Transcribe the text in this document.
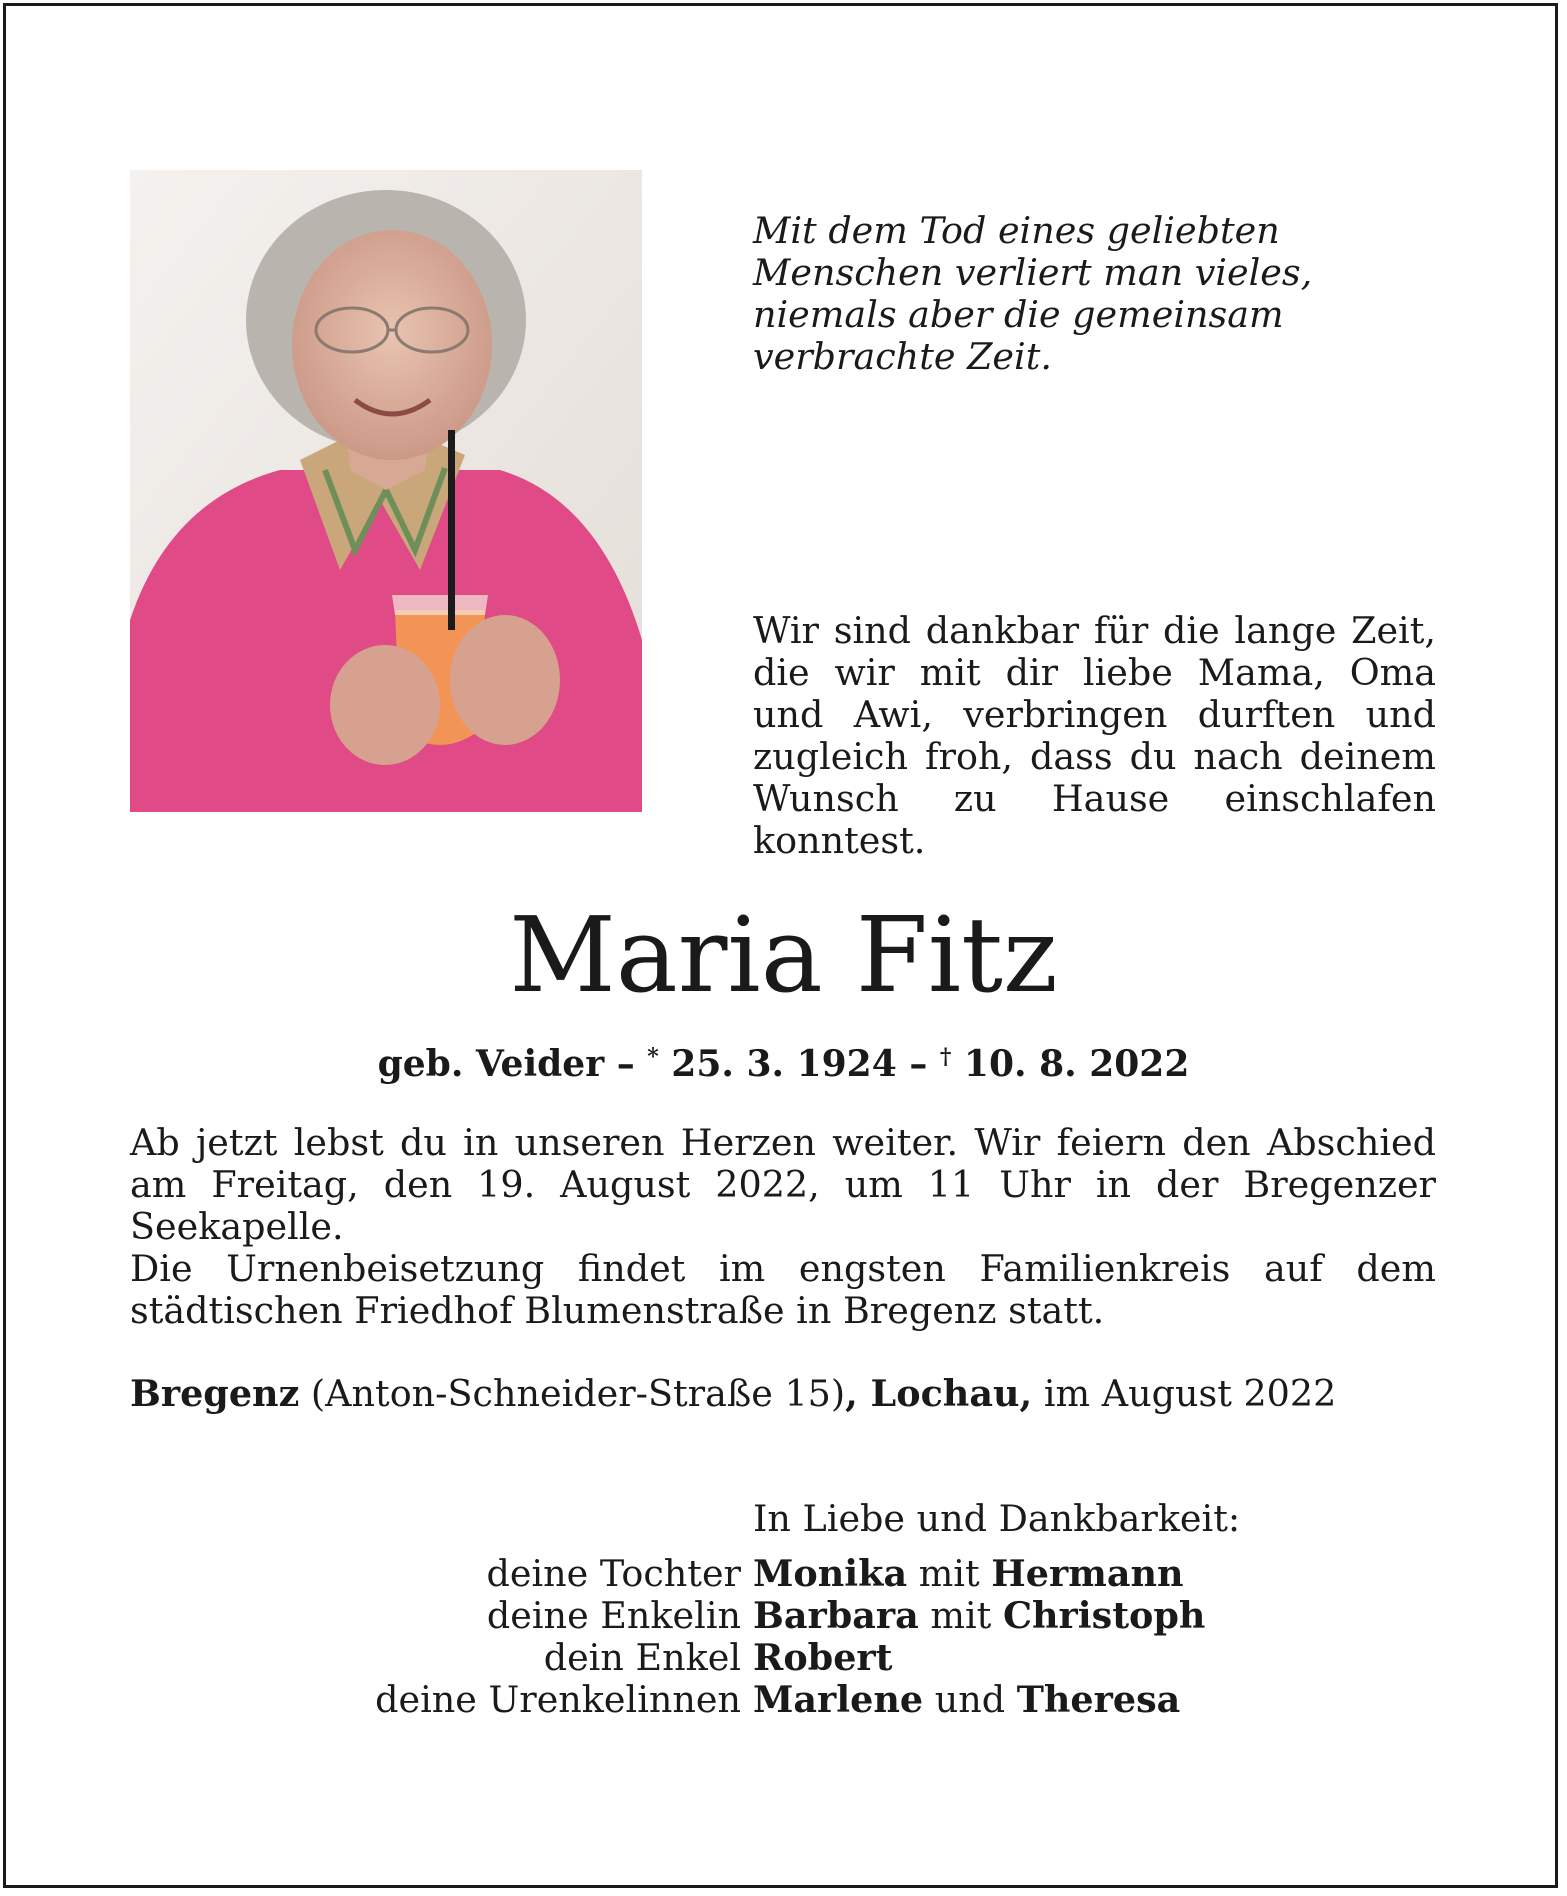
Mit dem Tod eines geliebten
Menschen verliert man vieles,
niemals aber die gemeinsam
verbrachte Zeit.
Wir sind dankbar für die lange Zeit, die wir mit dir liebe Mama, Oma und Awi, verbringen durften und zugleich froh, dass du nach deinem Wunsch zu Hause einschlafen konntest.
Maria Fitz
geb. Veider – * 25. 3. 1924 – † 10. 8. 2022
Ab jetzt lebst du in unseren Herzen weiter. Wir feiern den Abschied am Freitag, den 19. August 2022, um 11 Uhr in der Bregenzer Seekapelle.
Die Urnenbeisetzung findet im engsten Familienkreis auf dem städtischen Friedhof Blumenstraße in Bregenz statt.
Bregenz (Anton-Schneider-Straße 15), Lochau, im August 2022
In Liebe und Dankbarkeit:
deine Tochter Monika mit Hermann
deine Enkelin Barbara mit Christoph
dein Enkel Robert
deine Urenkelinnen Marlene und Theresa
